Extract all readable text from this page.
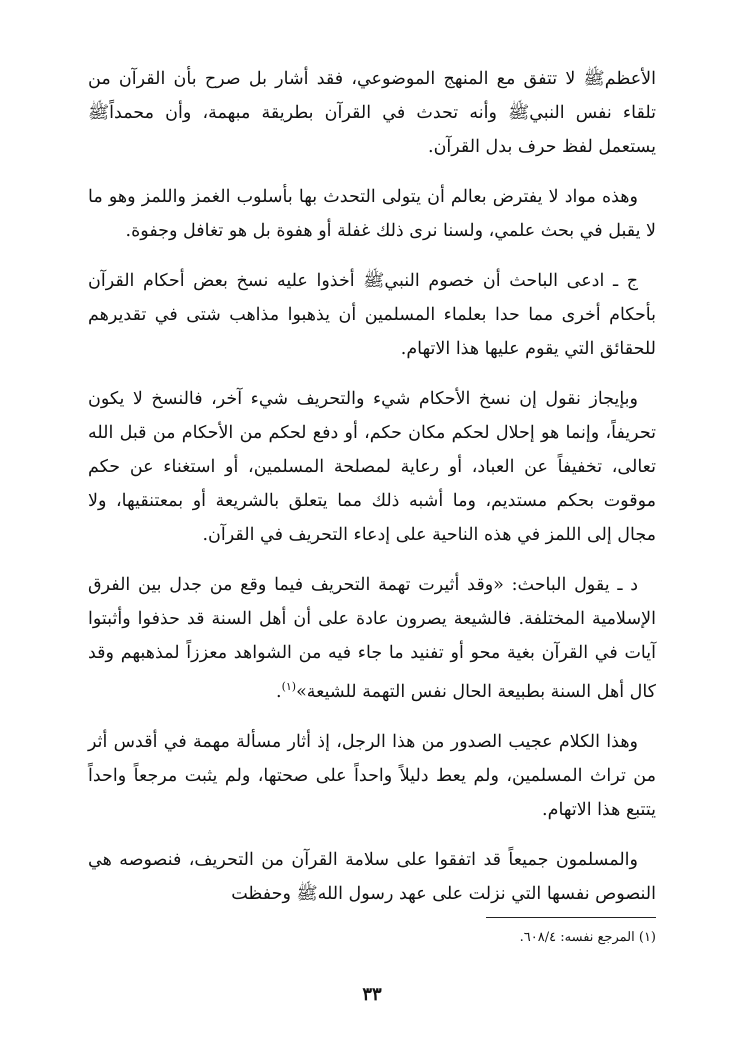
الأعظمﷺ لا تتفق مع المنهج الموضوعي، فقد أشار بل صرح بأن القرآن من تلقاء نفس النبيﷺ وأنه تحدث في القرآن بطريقة مبهمة، وأن محمداًﷺ يستعمل لفظ حرف بدل القرآن.

وهذه مواد لا يفترض بعالم أن يتولى التحدث بها بأسلوب الغمز واللمز وهو ما لا يقبل في بحث علمي، ولسنا نرى ذلك غفلة أو هفوة بل هو تغافل وجفوة.

ج ـ ادعى الباحث أن خصوم النبيﷺ أخذوا عليه نسخ بعض أحكام القرآن بأحكام أخرى مما حدا بعلماء المسلمين أن يذهبوا مذاهب شتى في تقديرهم للحقائق التي يقوم عليها هذا الاتهام.

وبإيجاز نقول إن نسخ الأحكام شيء والتحريف شيء آخر، فالنسخ لا يكون تحريفاً، وإنما هو إحلال لحكم مكان حكم، أو دفع لحكم من الأحكام من قبل الله تعالى، تخفيفاً عن العباد، أو رعاية لمصلحة المسلمين، أو استغناء عن حكم موقوت بحكم مستديم، وما أشبه ذلك مما يتعلق بالشريعة أو بمعتنقيها، ولا مجال إلى اللمز في هذه الناحية على إدعاء التحريف في القرآن.

د ـ يقول الباحث: «وقد أثيرت تهمة التحريف فيما وقع من جدل بين الفرق الإسلامية المختلفة. فالشيعة يصرون عادة على أن أهل السنة قد حذفوا وأثبتوا آيات في القرآن بغية محو أو تفنيد ما جاء فيه من الشواهد معززاً لمذهبهم وقد كال أهل السنة بطبيعة الحال نفس التهمة للشيعة»$^{(١)}$.

وهذا الكلام عجيب الصدور من هذا الرجل، إذ أثار مسألة مهمة في أقدس أثر من تراث المسلمين، ولم يعط دليلاً واحداً على صحتها، ولم يثبت مرجعاً واحداً يتتبع هذا الاتهام.

والمسلمون جميعاً قد اتفقوا على سلامة القرآن من التحريف، فنصوصه هي النصوص نفسها التي نزلت على عهد رسول اللهﷺ وحفظت

(١) المرجع نفسه: ٦٠٨/٤.
٣٣
